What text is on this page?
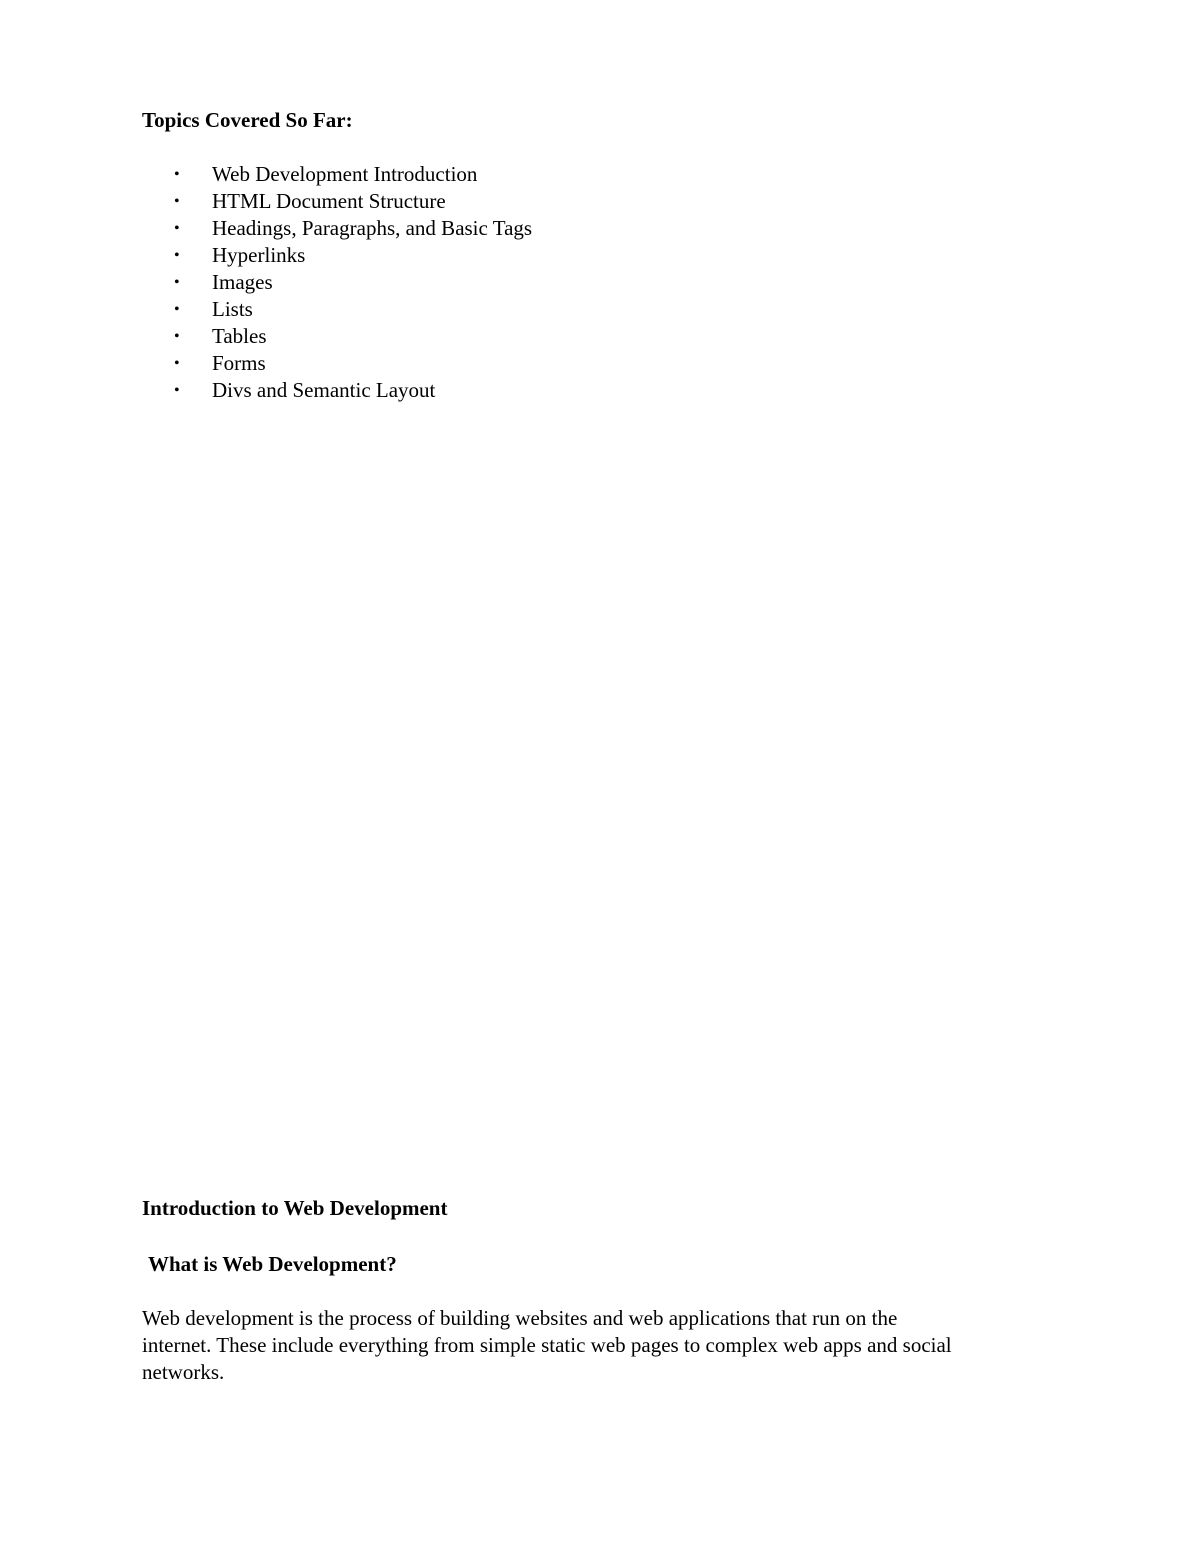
Topics Covered So Far:
• Web Development Introduction
• HTML Document Structure
• Headings, Paragraphs, and Basic Tags
• Hyperlinks
• Images
• Lists
• Tables
• Forms
• Divs and Semantic Layout
Introduction to Web Development
What is Web Development?
Web development is the process of building websites and web applications that run on the
internet. These include everything from simple static web pages to complex web apps and social
networks.
